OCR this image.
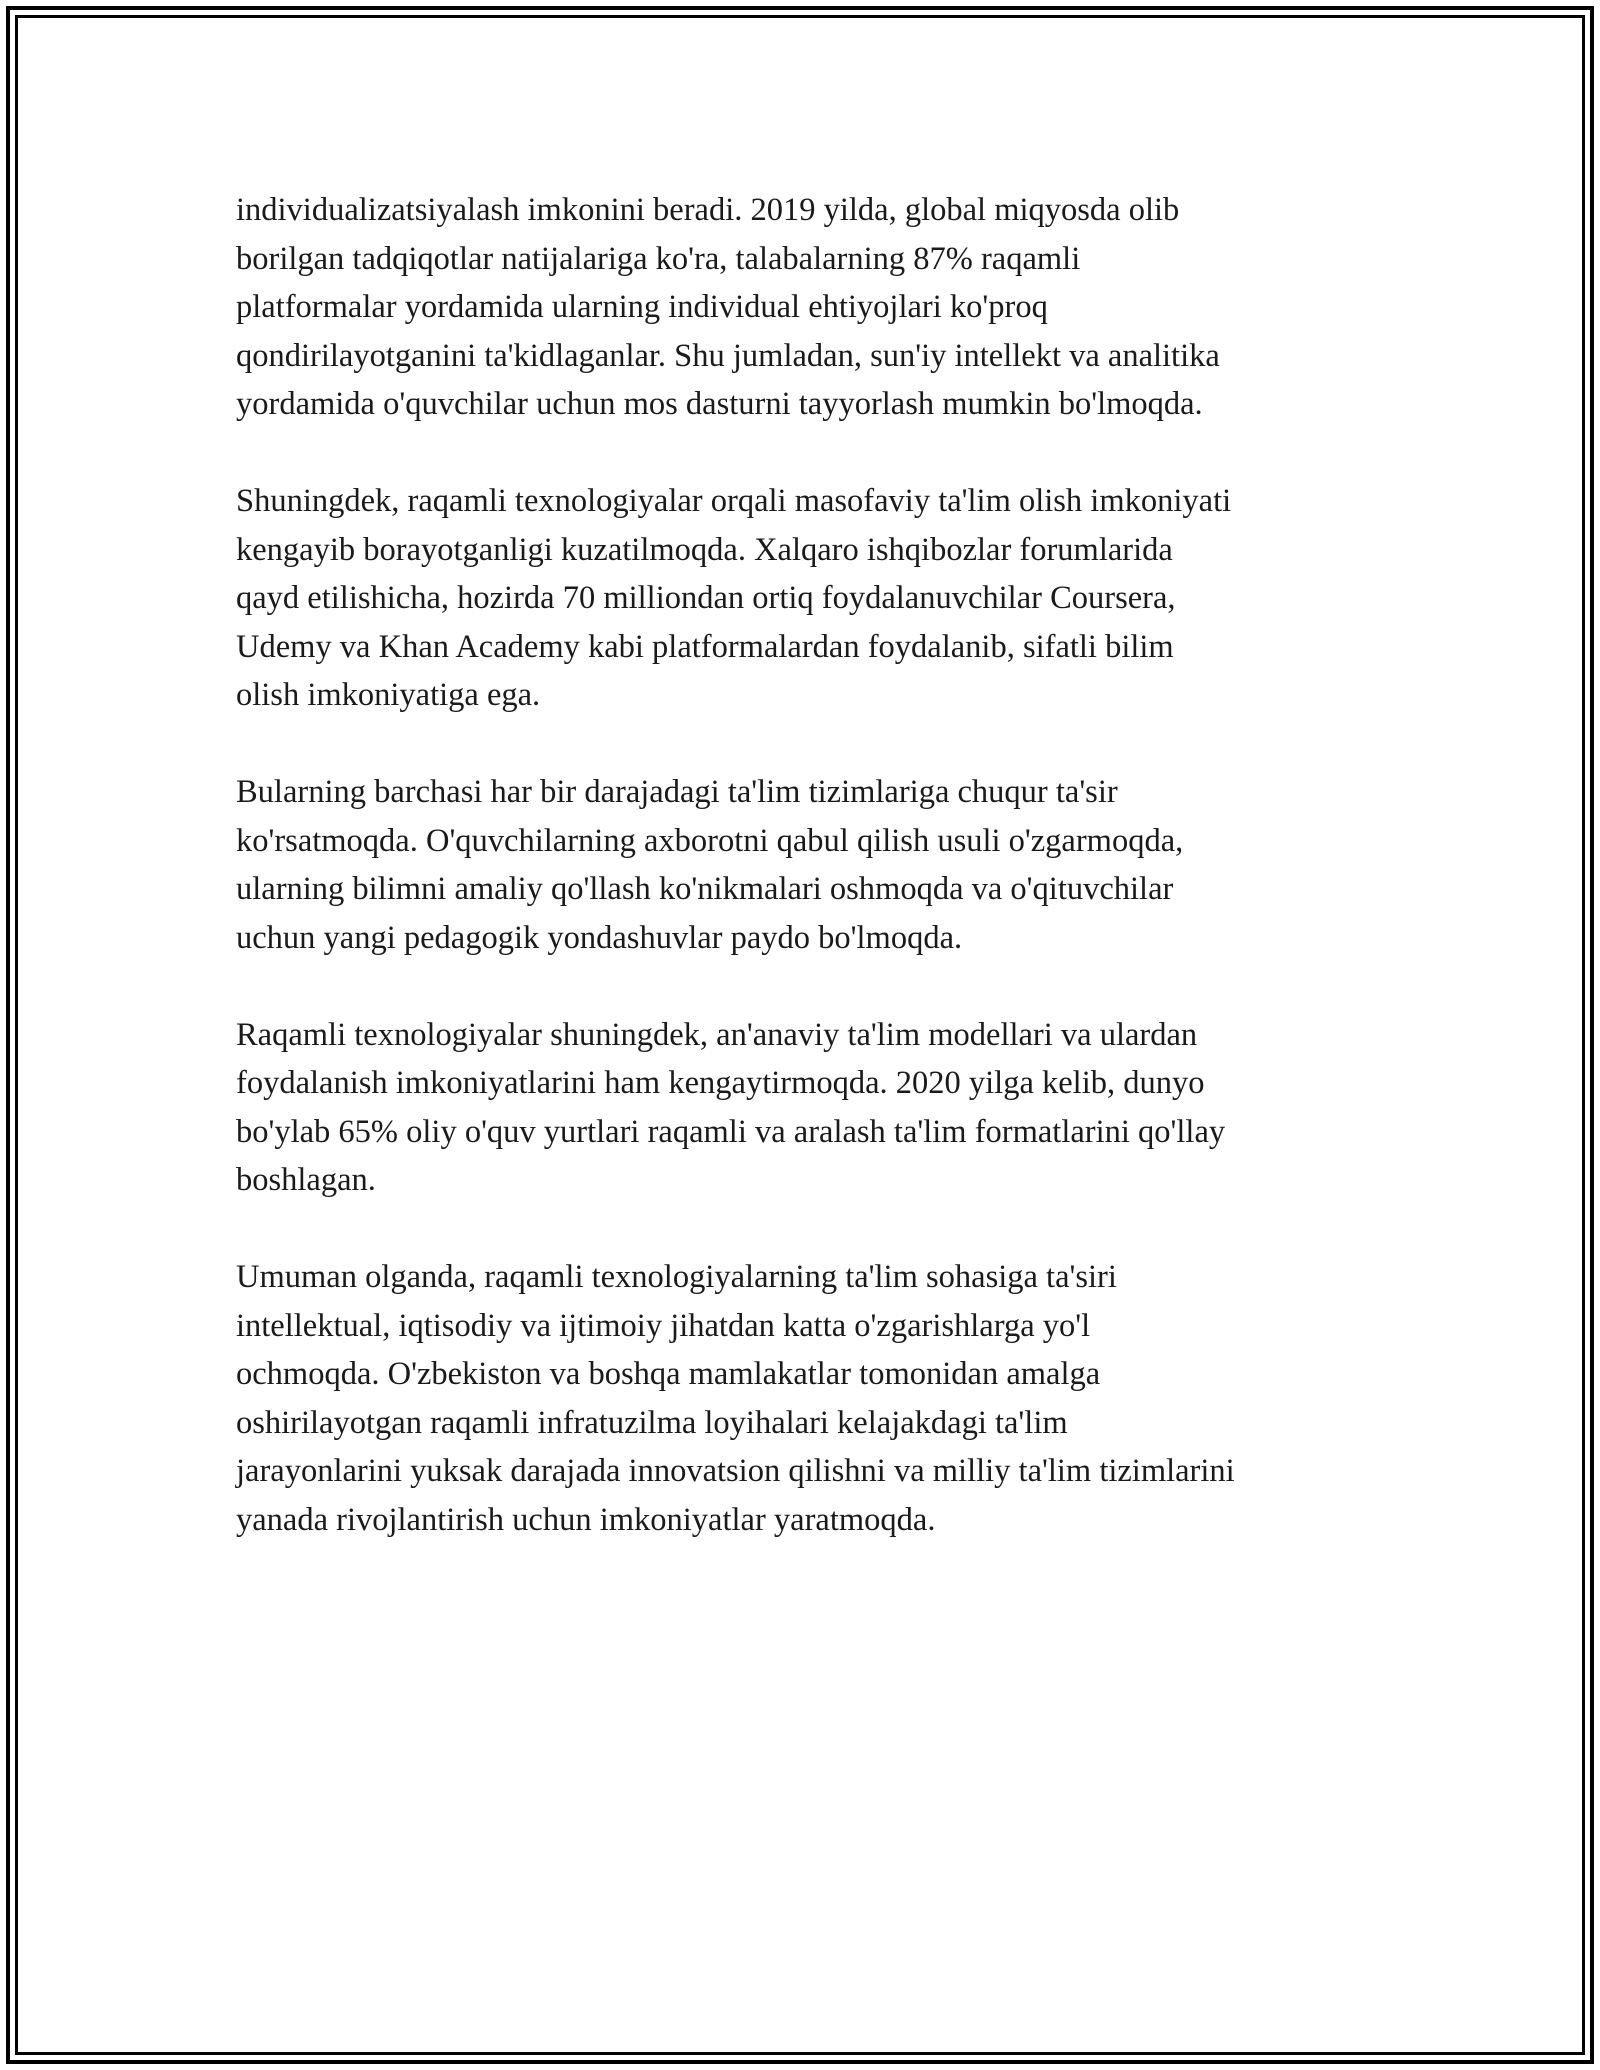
individualizatsiyalash imkonini beradi. 2019 yilda, global miqyosda olib
borilgan tadqiqotlar natijalariga ko'ra, talabalarning 87% raqamli
platformalar yordamida ularning individual ehtiyojlari ko'proq
qondirilayotganini ta'kidlaganlar. Shu jumladan, sun'iy intellekt va analitika
yordamida o'quvchilar uchun mos dasturni tayyorlash mumkin bo'lmoqda.

Shuningdek, raqamli texnologiyalar orqali masofaviy ta'lim olish imkoniyati
kengayib borayotganligi kuzatilmoqda. Xalqaro ishqibozlar forumlarida
qayd etilishicha, hozirda 70 milliondan ortiq foydalanuvchilar Coursera,
Udemy va Khan Academy kabi platformalardan foydalanib, sifatli bilim
olish imkoniyatiga ega.

Bularning barchasi har bir darajadagi ta'lim tizimlariga chuqur ta'sir
ko'rsatmoqda. O'quvchilarning axborotni qabul qilish usuli o'zgarmoqda,
ularning bilimni amaliy qo'llash ko'nikmalari oshmoqda va o'qituvchilar
uchun yangi pedagogik yondashuvlar paydo bo'lmoqda.

Raqamli texnologiyalar shuningdek, an'anaviy ta'lim modellari va ulardan
foydalanish imkoniyatlarini ham kengaytirmoqda. 2020 yilga kelib, dunyo
bo'ylab 65% oliy o'quv yurtlari raqamli va aralash ta'lim formatlarini qo'llay
boshlagan.

Umuman olganda, raqamli texnologiyalarning ta'lim sohasiga ta'siri
intellektual, iqtisodiy va ijtimoiy jihatdan katta o'zgarishlarga yo'l
ochmoqda. O'zbekiston va boshqa mamlakatlar tomonidan amalga
oshirilayotgan raqamli infratuzilma loyihalari kelajakdagi ta'lim
jarayonlarini yuksak darajada innovatsion qilishni va milliy ta'lim tizimlarini
yanada rivojlantirish uchun imkoniyatlar yaratmoqda.
